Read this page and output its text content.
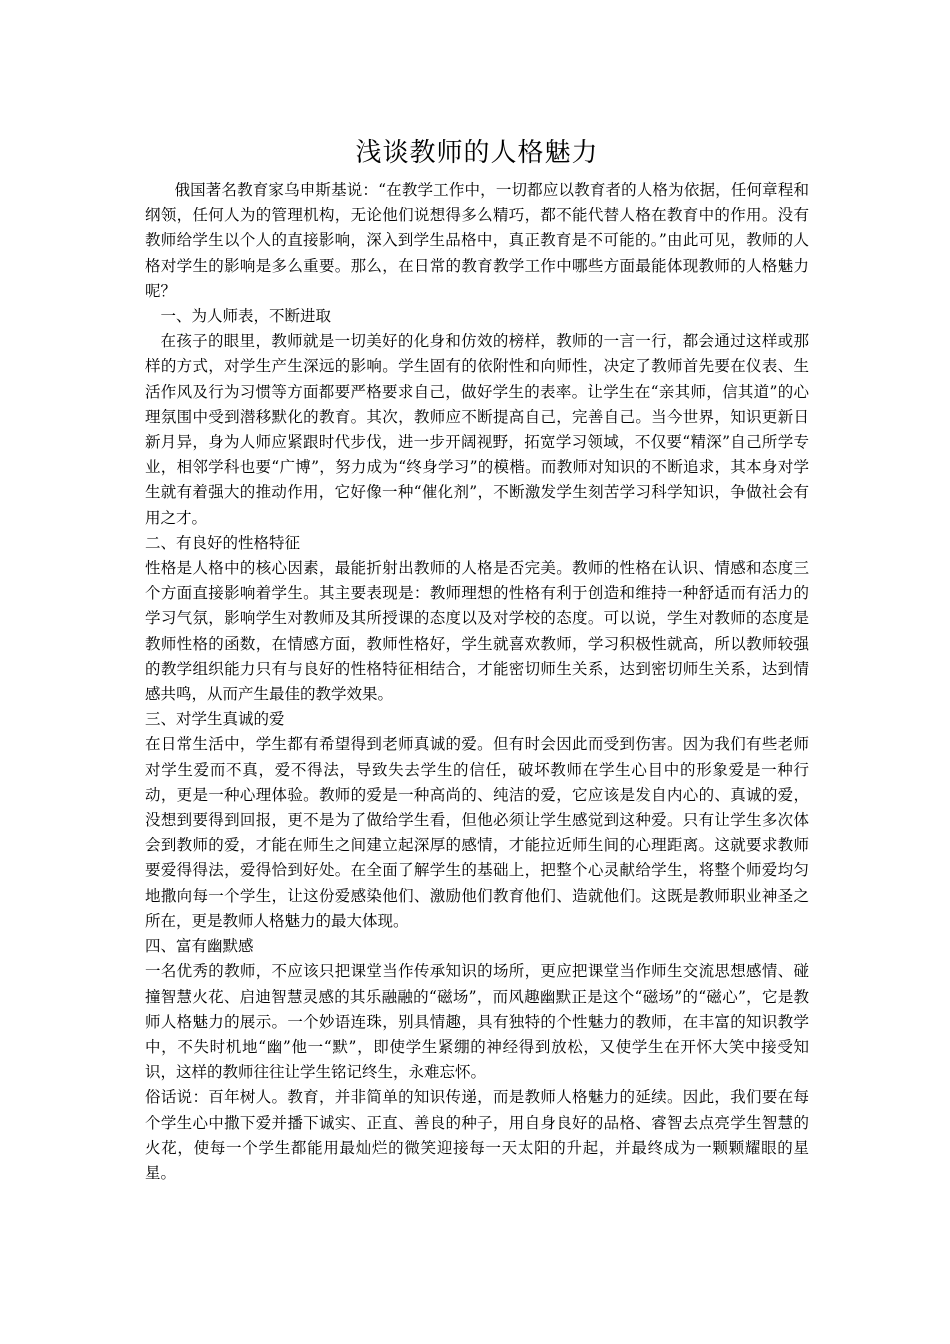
浅谈教师的人格魅力

俄国著名教育家乌申斯基说：“在教学工作中，一切都应以教育者的人格为依据，任何章程和纲领，任何人为的管理机构，无论他们说想得多么精巧，都不能代替人格在教育中的作用。没有教师给学生以个人的直接影响，深入到学生品格中，真正教育是不可能的。”由此可见，教师的人格对学生的影响是多么重要。那么，在日常的教育教学工作中哪些方面最能体现教师的人格魅力呢？

一、为人师表，不断进取

在孩子的眼里，教师就是一切美好的化身和仿效的榜样，教师的一言一行，都会通过这样或那样的方式，对学生产生深远的影响。学生固有的依附性和向师性，决定了教师首先要在仪表、生活作风及行为习惯等方面都要严格要求自己，做好学生的表率。让学生在“亲其师，信其道”的心理氛围中受到潜移默化的教育。其次，教师应不断提高自己，完善自己。当今世界，知识更新日新月异，身为人师应紧跟时代步伐，进一步开阔视野，拓宽学习领域，不仅要“精深”自己所学专业，相邻学科也要“广博”，努力成为“终身学习”的模楷。而教师对知识的不断追求，其本身对学生就有着强大的推动作用，它好像一种“催化剂”，不断激发学生刻苦学习科学知识，争做社会有用之才。

二、有良好的性格特征

性格是人格中的核心因素，最能折射出教师的人格是否完美。教师的性格在认识、情感和态度三个方面直接影响着学生。其主要表现是：教师理想的性格有利于创造和维持一种舒适而有活力的学习气氛，影响学生对教师及其所授课的态度以及对学校的态度。可以说，学生对教师的态度是教师性格的函数，在情感方面，教师性格好，学生就喜欢教师，学习积极性就高，所以教师较强的教学组织能力只有与良好的性格特征相结合，才能密切师生关系，达到密切师生关系，达到情感共鸣，从而产生最佳的教学效果。

三、对学生真诚的爱

在日常生活中，学生都有希望得到老师真诚的爱。但有时会因此而受到伤害。因为我们有些老师对学生爱而不真，爱不得法，导致失去学生的信任，破坏教师在学生心目中的形象爱是一种行动，更是一种心理体验。教师的爱是一种高尚的、纯洁的爱，它应该是发自内心的、真诚的爱，没想到要得到回报，更不是为了做给学生看，但他必须让学生感觉到这种爱。只有让学生多次体会到教师的爱，才能在师生之间建立起深厚的感情，才能拉近师生间的心理距离。这就要求教师要爱得得法，爱得恰到好处。在全面了解学生的基础上，把整个心灵献给学生，将整个师爱均匀地撒向每一个学生，让这份爱感染他们、激励他们教育他们、造就他们。这既是教师职业神圣之所在，更是教师人格魅力的最大体现。

四、富有幽默感

一名优秀的教师，不应该只把课堂当作传承知识的场所，更应把课堂当作师生交流思想感情、碰撞智慧火花、启迪智慧灵感的其乐融融的“磁场”，而风趣幽默正是这个“磁场”的“磁心”，它是教师人格魅力的展示。一个妙语连珠，别具情趣，具有独特的个性魅力的教师，在丰富的知识教学中，不失时机地“幽”他一“默”，即使学生紧绷的神经得到放松，又使学生在开怀大笑中接受知识，这样的教师往往让学生铭记终生，永难忘怀。

俗话说：百年树人。教育，并非简单的知识传递，而是教师人格魅力的延续。因此，我们要在每个学生心中撒下爱并播下诚实、正直、善良的种子，用自身良好的品格、睿智去点亮学生智慧的火花，使每一个学生都能用最灿烂的微笑迎接每一天太阳的升起，并最终成为一颗颗耀眼的星星。
